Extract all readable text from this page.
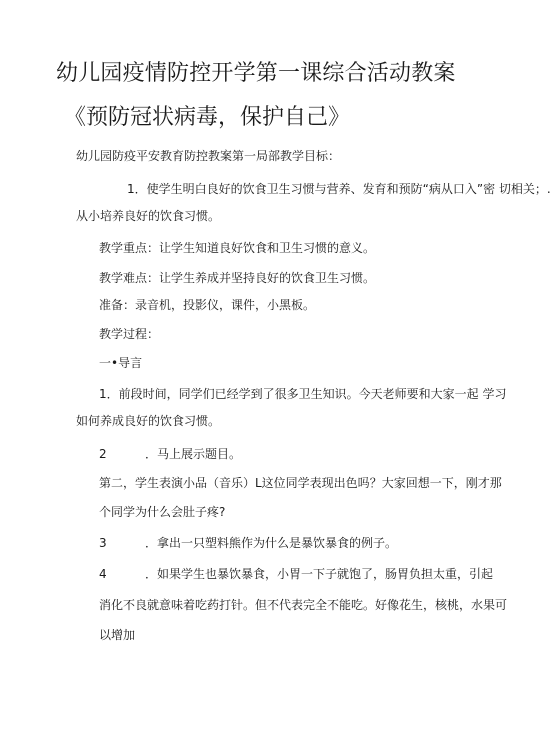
幼儿园疫情防控开学第一课综合活动教案
《预防冠状病毒，保护自己》
幼儿园防疫平安教育防控教案第一局部教学目标：
1．使学生明白良好的饮食卫生习惯与营养、发育和预防“病从口入”密 切相关；.
从小培养良好的饮食习惯。
教学重点：让学生知道良好饮食和卫生习惯的意义。
教学难点：让学生养成并坚持良好的饮食卫生习惯。
准备：录音机，投影仪，课件，小黑板。
教学过程：
一•导言
1．前段时间，同学们已经学到了很多卫生知识。今天老师要和大家一起 学习
如何养成良好的饮食习惯。
2	．马上展示题目。
第二，学生表演小品（音乐）L这位同学表现出色吗？大家回想一下，刚才那
个同学为什么会肚子疼?
3	．拿出一只塑料熊作为什么是暴饮暴食的例子。
4	．如果学生也暴饮暴食，小胃一下子就饱了，肠胃负担太重，引起
消化不良就意味着吃药打针。但不代表完全不能吃。好像花生，核桃，水果可
以增加
